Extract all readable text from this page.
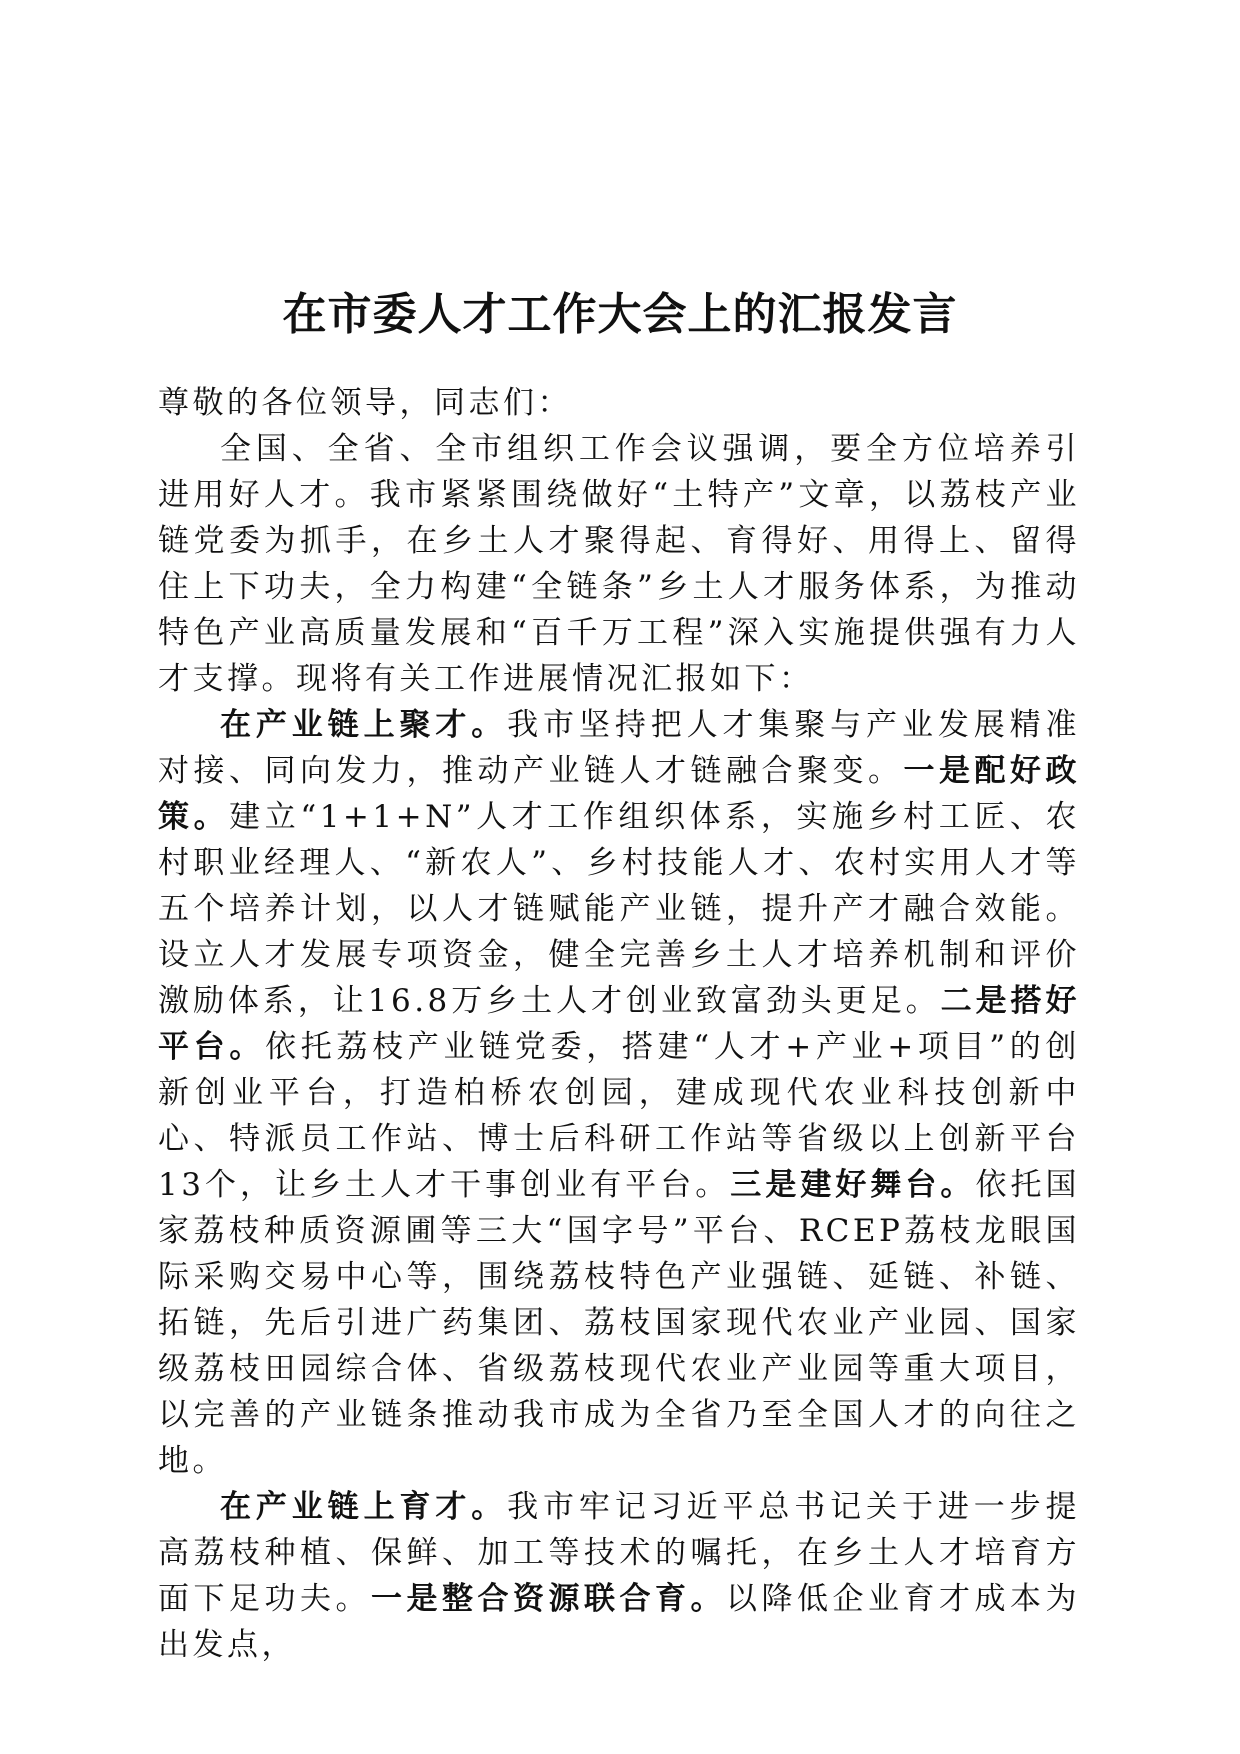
在市委人才工作大会上的汇报发言

尊敬的各位领导，同志们：

全国、全省、全市组织工作会议强调，要全方位培养引进用好人才。我市紧紧围绕做好“土特产”文章，以荔枝产业链党委为抓手，在乡土人才聚得起、育得好、用得上、留得住上下功夫，全力构建“全链条”乡土人才服务体系，为推动特色产业高质量发展和“百千万工程”深入实施提供强有力人才支撑。现将有关工作进展情况汇报如下：

在产业链上聚才。我市坚持把人才集聚与产业发展精准对接、同向发力，推动产业链人才链融合聚变。一是配好政策。建立“1+1+N”人才工作组织体系，实施乡村工匠、农村职业经理人、“新农人”、乡村技能人才、农村实用人才等五个培养计划，以人才链赋能产业链，提升产才融合效能。设立人才发展专项资金，健全完善乡土人才培养机制和评价激励体系，让16.8万乡土人才创业致富劲头更足。二是搭好平台。依托荔枝产业链党委，搭建“人才+产业+项目”的创新创业平台，打造柏桥农创园，建成现代农业科技创新中心、特派员工作站、博士后科研工作站等省级以上创新平台13个，让乡土人才干事创业有平台。三是建好舞台。依托国家荔枝种质资源圃等三大“国字号”平台、RCEP荔枝龙眼国际采购交易中心等，围绕荔枝特色产业强链、延链、补链、拓链，先后引进广药集团、荔枝国家现代农业产业园、国家级荔枝田园综合体、省级荔枝现代农业产业园等重大项目，以完善的产业链条推动我市成为全省乃至全国人才的向往之地。

在产业链上育才。我市牢记习近平总书记关于进一步提高荔枝种植、保鲜、加工等技术的嘱托，在乡土人才培育方面下足功夫。一是整合资源联合育。以降低企业育才成本为出发点，
